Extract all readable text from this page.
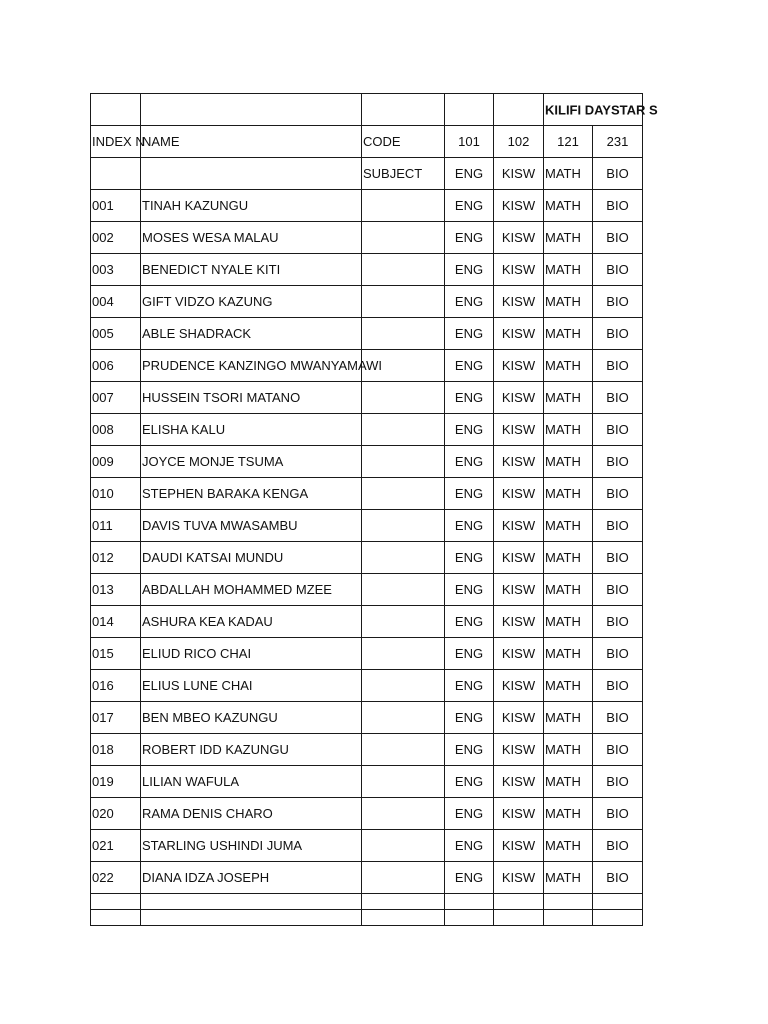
					KILIFI DAYSTAR S	

INDEX N	NAME	CODE	101	102	121	231
		SUBJECT	ENG	KISW	MATH	BIO
001	TINAH KAZUNGU		ENG	KISW	MATH	BIO
002	MOSES WESA MALAU		ENG	KISW	MATH	BIO
003	BENEDICT NYALE KITI		ENG	KISW	MATH	BIO
004	GIFT VIDZO KAZUNG		ENG	KISW	MATH	BIO
005	ABLE SHADRACK		ENG	KISW	MATH	BIO
006	PRUDENCE KANZINGO MWANYAMAWI		ENG	KISW	MATH	BIO
007	HUSSEIN TSORI MATANO		ENG	KISW	MATH	BIO
008	ELISHA KALU		ENG	KISW	MATH	BIO
009	JOYCE MONJE TSUMA		ENG	KISW	MATH	BIO
010	STEPHEN BARAKA KENGA		ENG	KISW	MATH	BIO
011	DAVIS TUVA MWASAMBU		ENG	KISW	MATH	BIO
012	DAUDI KATSAI MUNDU		ENG	KISW	MATH	BIO
013	ABDALLAH MOHAMMED MZEE		ENG	KISW	MATH	BIO
014	ASHURA KEA KADAU		ENG	KISW	MATH	BIO
015	ELIUD RICO CHAI		ENG	KISW	MATH	BIO
016	ELIUS LUNE CHAI		ENG	KISW	MATH	BIO
017	BEN MBEO KAZUNGU		ENG	KISW	MATH	BIO
018	ROBERT IDD KAZUNGU		ENG	KISW	MATH	BIO
019	LILIAN WAFULA		ENG	KISW	MATH	BIO
020	RAMA DENIS CHARO		ENG	KISW	MATH	BIO
021	STARLING USHINDI JUMA		ENG	KISW	MATH	BIO
022	DIANA IDZA JOSEPH		ENG	KISW	MATH	BIO
